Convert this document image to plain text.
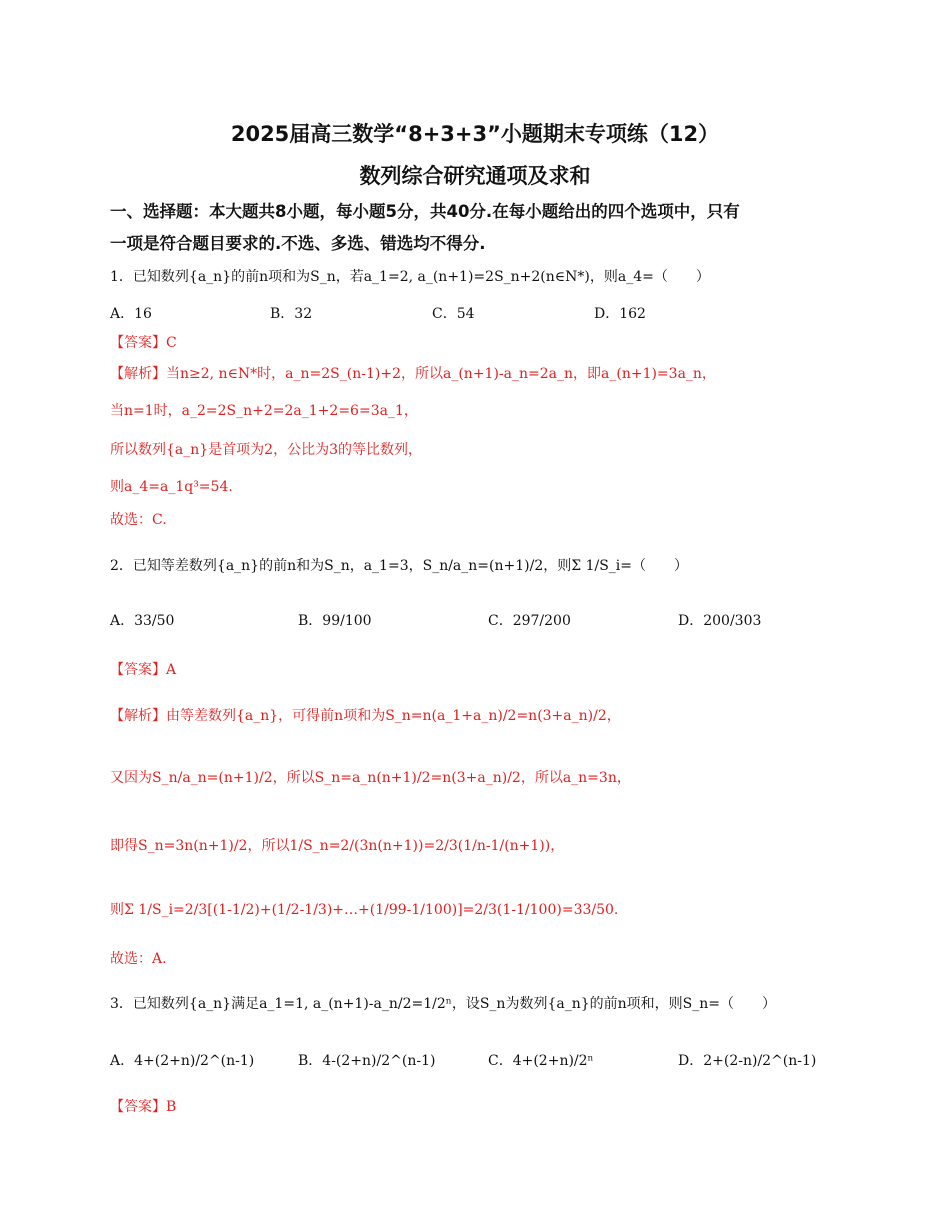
2025届高三数学“8+3+3”小题期末专项练（12）
数列综合研究通项及求和
一、选择题：本大题共8小题，每小题5分，共40分.在每小题给出的四个选项中，只有
一项是符合题目要求的.不选、多选、错选均不得分.
1．已知数列{a_n}的前n项和为S_n，若a_1=2, a_(n+1)=2S_n+2(n∈N*)，则a_4=（　　）
A．16	B．32	C．54	D．162
【答案】C
【解析】当n≥2, n∈N*时，a_n=2S_(n-1)+2，所以a_(n+1)-a_n=2a_n，即a_(n+1)=3a_n，
当n=1时，a_2=2S_n+2=2a_1+2=6=3a_1，
所以数列{a_n}是首项为2，公比为3的等比数列，
则a_4=a_1q³=54.
故选：C.
2．已知等差数列{a_n}的前n和为S_n，a_1=3，S_n/a_n=(n+1)/2，则Σ 1/S_i=（　　）
A．33/50	B．99/100	C．297/200	D．200/303
【答案】A
【解析】由等差数列{a_n}，可得前n项和为S_n=n(a_1+a_n)/2=n(3+a_n)/2，
又因为S_n/a_n=(n+1)/2，所以S_n=a_n(n+1)/2=n(3+a_n)/2，所以a_n=3n，
即得S_n=3n(n+1)/2，所以1/S_n=2/(3n(n+1))=2/3(1/n-1/(n+1))，
则Σ 1/S_i=2/3[(1-1/2)+(1/2-1/3)+…+(1/99-1/100)]=2/3(1-1/100)=33/50.
故选：A.
3．已知数列{a_n}满足a_1=1, a_(n+1)-a_n/2=1/2ⁿ，设S_n为数列{a_n}的前n项和，则S_n=（　　）
A．4+(2+n)/2^(n-1)	B．4-(2+n)/2^(n-1)	C．4+(2+n)/2ⁿ	D．2+(2-n)/2^(n-1)
【答案】B
